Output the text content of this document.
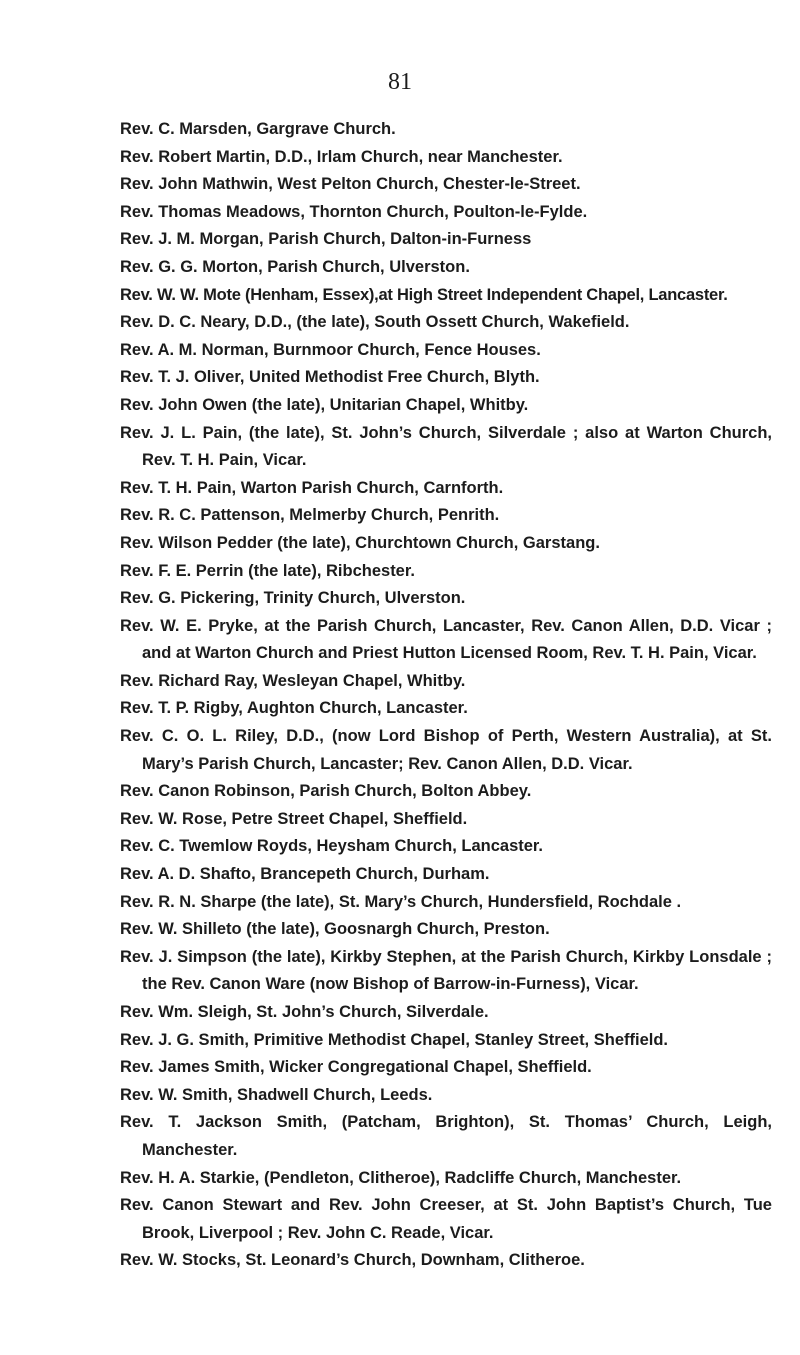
81
Rev. C. Marsden, Gargrave Church.
Rev. Robert Martin, D.D., Irlam Church, near Manchester.
Rev. John Mathwin, West Pelton Church, Chester-le-Street.
Rev. Thomas Meadows, Thornton Church, Poulton-le-Fylde.
Rev. J. M. Morgan, Parish Church, Dalton-in-Furness
Rev. G. G. Morton, Parish Church, Ulverston.
Rev. W. W. Mote (Henham, Essex),at High Street Independent Chapel, Lancaster.
Rev. D. C. Neary, D.D., (the late), South Ossett Church, Wakefield.
Rev. A. M. Norman, Burnmoor Church, Fence Houses.
Rev. T. J. Oliver, United Methodist Free Church, Blyth.
Rev. John Owen (the late), Unitarian Chapel, Whitby.
Rev. J. L. Pain, (the late), St. John’s Church, Silverdale ; also at Warton Church, Rev. T. H. Pain, Vicar.
Rev. T. H. Pain, Warton Parish Church, Carnforth.
Rev. R. C. Pattenson, Melmerby Church, Penrith.
Rev. Wilson Pedder (the late), Churchtown Church, Garstang.
Rev. F. E. Perrin (the late), Ribchester.
Rev. G. Pickering, Trinity Church, Ulverston.
Rev. W. E. Pryke, at the Parish Church, Lancaster, Rev. Canon Allen, D.D. Vicar ; and at Warton Church and Priest Hutton Licensed Room, Rev. T. H. Pain, Vicar.
Rev. Richard Ray, Wesleyan Chapel, Whitby.
Rev. T. P. Rigby, Aughton Church, Lancaster.
Rev. C. O. L. Riley, D.D., (now Lord Bishop of Perth, Western Australia), at St. Mary’s Parish Church, Lancaster; Rev. Canon Allen, D.D. Vicar.
Rev. Canon Robinson, Parish Church, Bolton Abbey.
Rev. W. Rose, Petre Street Chapel, Sheffield.
Rev. C. Twemlow Royds, Heysham Church, Lancaster.
Rev. A. D. Shafto, Brancepeth Church, Durham.
Rev. R. N. Sharpe (the late), St. Mary’s Church, Hundersfield, Rochdale .
Rev. W. Shilleto (the late), Goosnargh Church, Preston.
Rev. J. Simpson (the late), Kirkby Stephen, at the Parish Church, Kirkby Lonsdale ; the Rev. Canon Ware (now Bishop of Barrow-in-Furness), Vicar.
Rev. Wm. Sleigh, St. John’s Church, Silverdale.
Rev. J. G. Smith, Primitive Methodist Chapel, Stanley Street, Sheffield.
Rev. James Smith, Wicker Congregational Chapel, Sheffield.
Rev. W. Smith, Shadwell Church, Leeds.
Rev. T. Jackson Smith, (Patcham, Brighton), St. Thomas’ Church, Leigh, Manchester.
Rev. H. A. Starkie, (Pendleton, Clitheroe), Radcliffe Church, Manchester.
Rev. Canon Stewart and Rev. John Creeser, at St. John Baptist’s Church, Tue Brook, Liverpool ; Rev. John C. Reade, Vicar.
Rev. W. Stocks, St. Leonard’s Church, Downham, Clitheroe.
